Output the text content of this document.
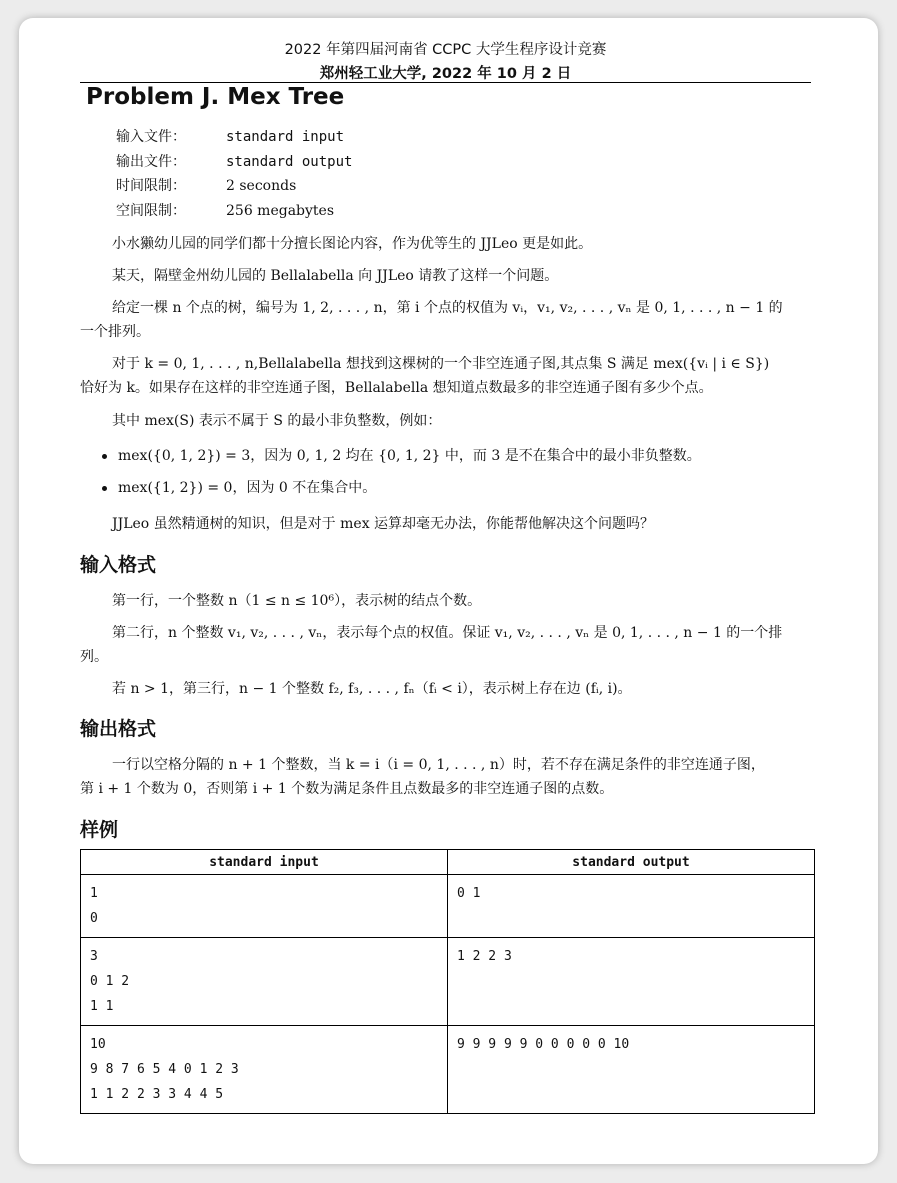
2022 年第四届河南省 CCPC 大学生程序设计竞赛
郑州轻工业大学, 2022 年 10 月 2 日
Problem J. Mex Tree
输入文件：	standard input
输出文件：	standard output
时间限制：	2 seconds
空间限制：	256 megabytes
小水獭幼儿园的同学们都十分擅长图论内容，作为优等生的 JJLeo 更是如此。
某天，隔壁金州幼儿园的 Bellalabella 向 JJLeo 请教了这样一个问题。
给定一棵 n 个点的树，编号为 1, 2, . . . , n，第 i 个点的权值为 vᵢ，v₁, v₂, . . . , vₙ 是 0, 1, . . . , n − 1 的
一个排列。
对于 k = 0, 1, . . . , n,Bellalabella 想找到这棵树的一个非空连通子图,其点集 S 满足 mex({vᵢ | i ∈ S})
恰好为 k。如果存在这样的非空连通子图，Bellalabella 想知道点数最多的非空连通子图有多少个点。
其中 mex(S) 表示不属于 S 的最小非负整数，例如：
mex({0, 1, 2}) = 3，因为 0, 1, 2 均在 {0, 1, 2} 中，而 3 是不在集合中的最小非负整数。
mex({1, 2}) = 0，因为 0 不在集合中。
JJLeo 虽然精通树的知识，但是对于 mex 运算却毫无办法，你能帮他解决这个问题吗？
输入格式
第一行，一个整数 n（1 ≤ n ≤ 10⁶），表示树的结点个数。
第二行，n 个整数 v₁, v₂, . . . , vₙ，表示每个点的权值。保证 v₁, v₂, . . . , vₙ 是 0, 1, . . . , n − 1 的一个排
列。
若 n > 1，第三行，n − 1 个整数 f₂, f₃, . . . , fₙ（fᵢ < i），表示树上存在边 (fᵢ, i)。
输出格式
一行以空格分隔的 n + 1 个整数，当 k = i（i = 0, 1, . . . , n）时，若不存在满足条件的非空连通子图，
第 i + 1 个数为 0，否则第 i + 1 个数为满足条件且点数最多的非空连通子图的点数。
样例
standard input	standard output

1
0	0 1

3
0 1 2
1 1	1 2 2 3

10
9 8 7 6 5 4 0 1 2 3
1 1 2 2 3 3 4 4 5	9 9 9 9 9 0 0 0 0 0 10
